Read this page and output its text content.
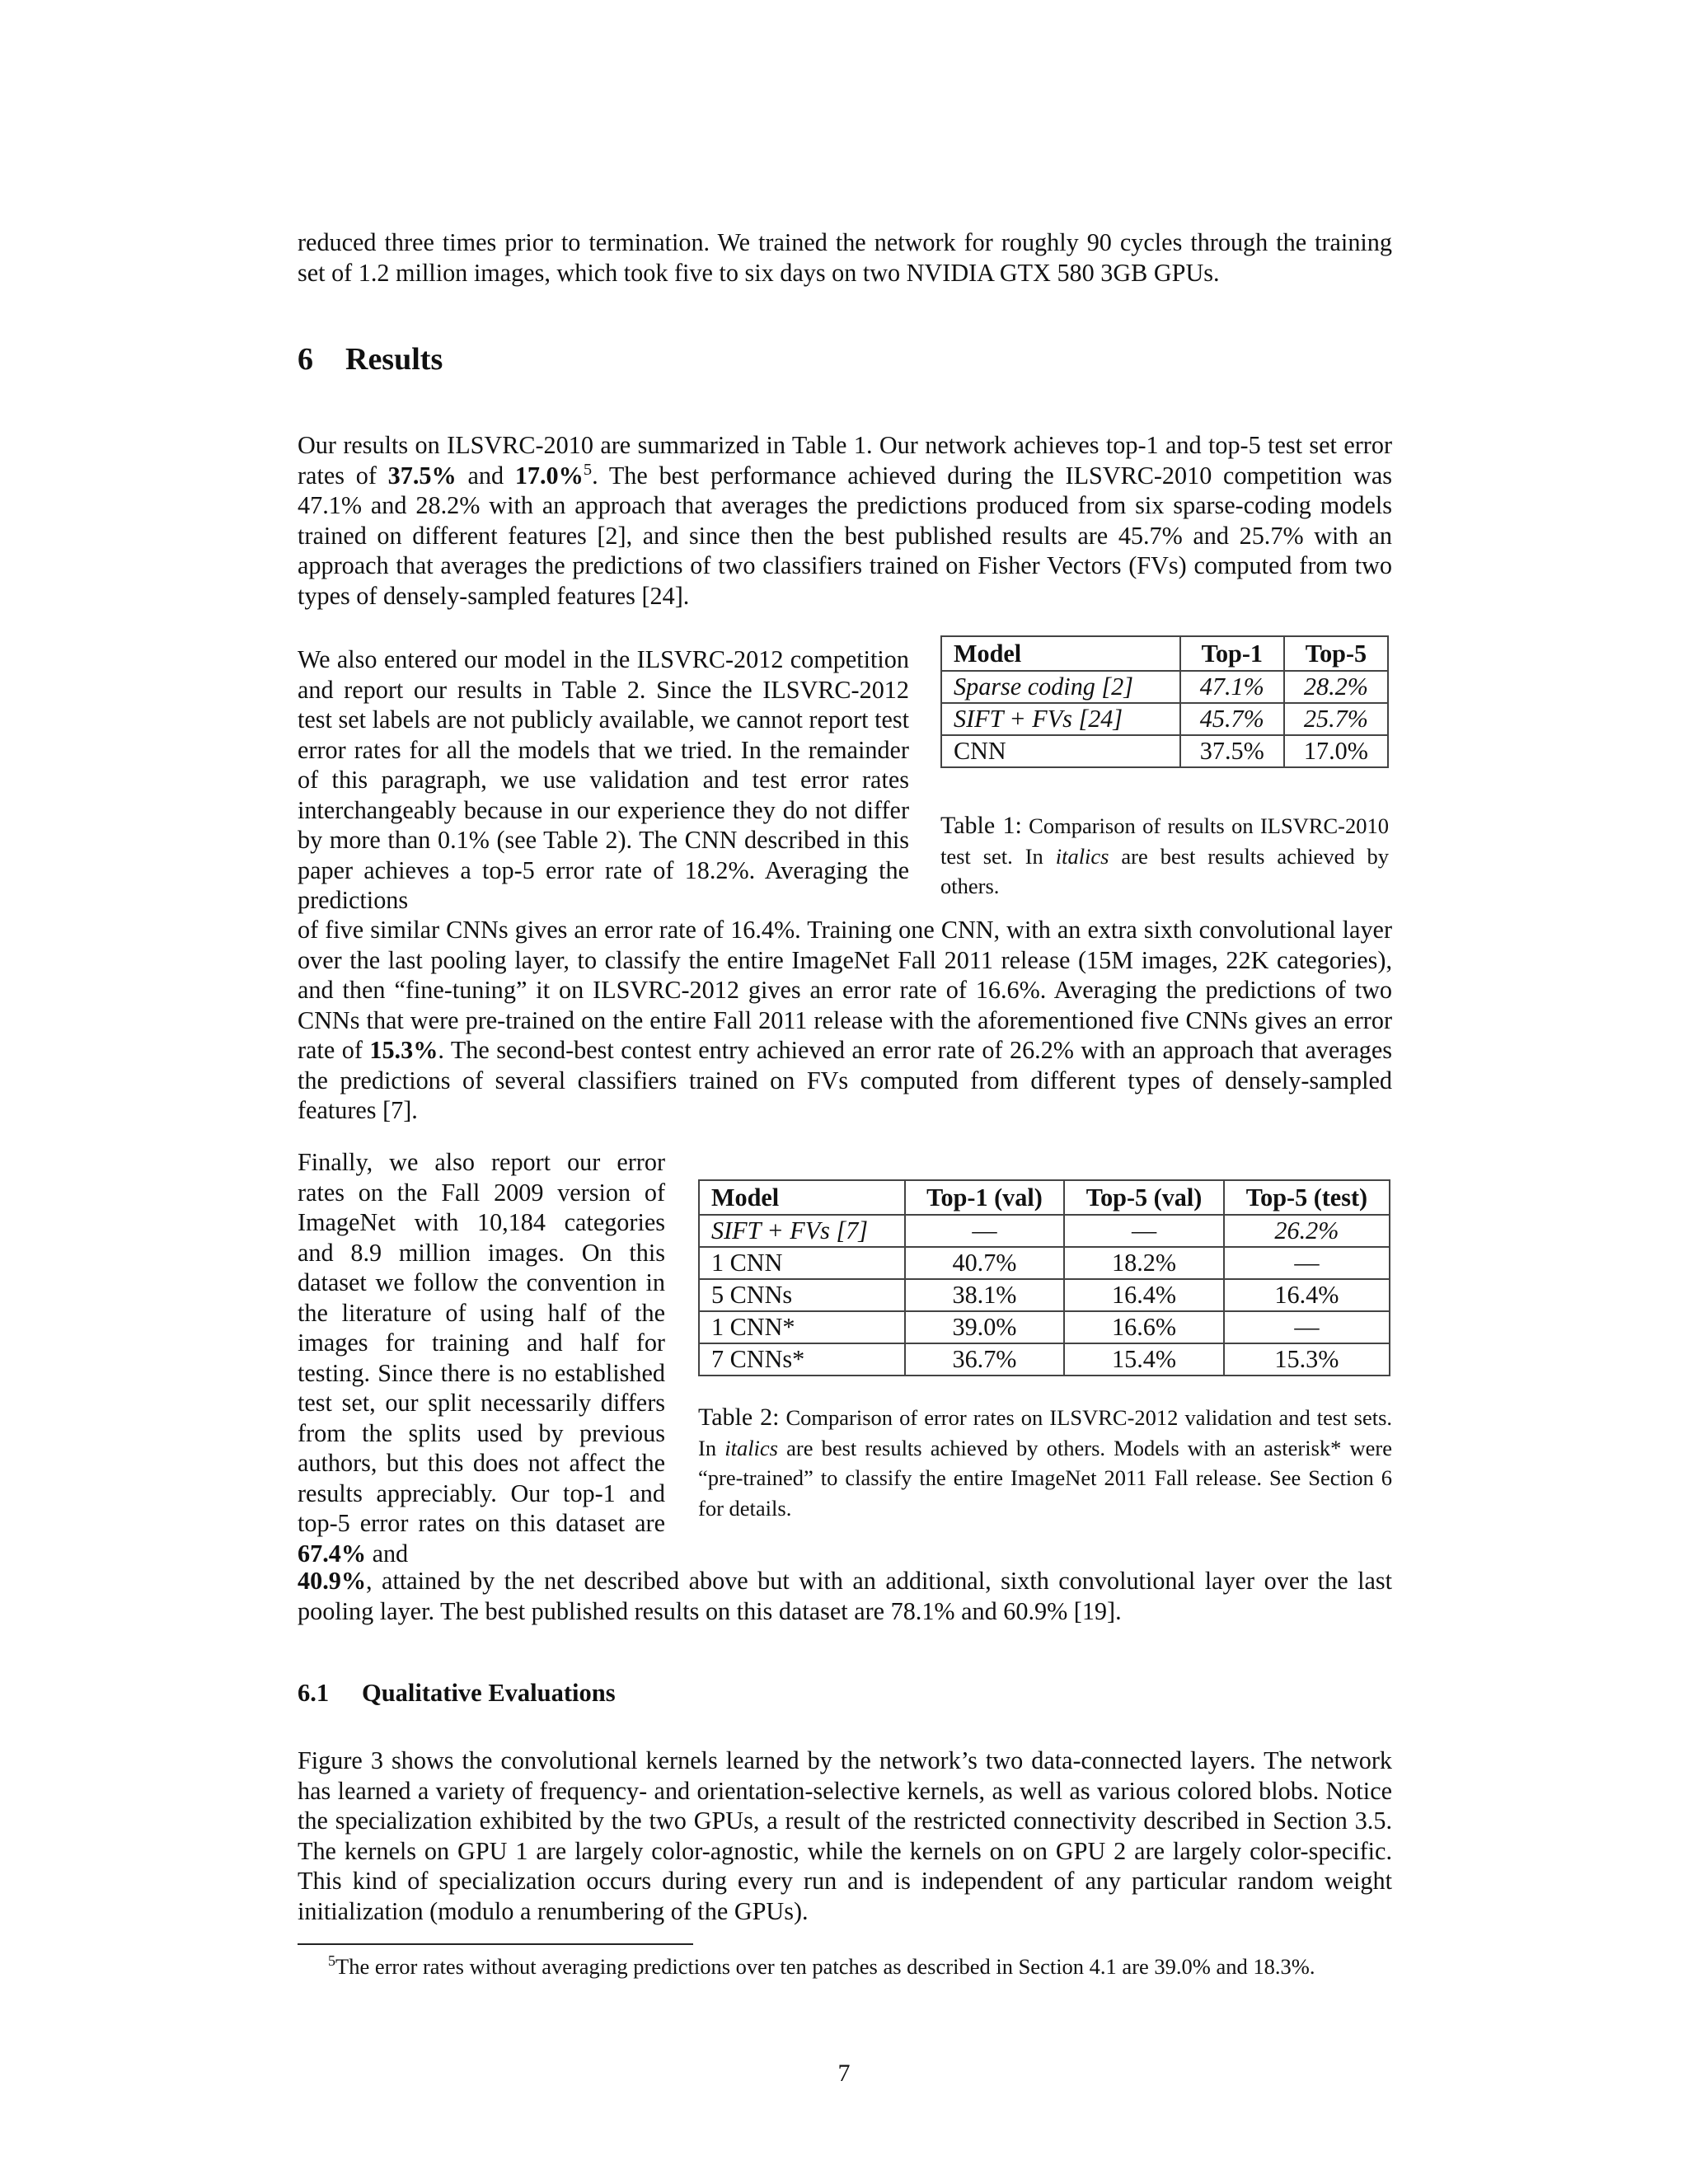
reduced three times prior to termination. We trained the network for roughly 90 cycles through the training set of 1.2 million images, which took five to six days on two NVIDIA GTX 580 3GB GPUs.

6 Results

Our results on ILSVRC-2010 are summarized in Table 1. Our network achieves top-1 and top-5 test set error rates of 37.5% and 17.0%$^5$. The best performance achieved during the ILSVRC-2010 competition was 47.1% and 28.2% with an approach that averages the predictions produced from six sparse-coding models trained on different features [2], and since then the best published results are 45.7% and 25.7% with an approach that averages the predictions of two classifiers trained on Fisher Vectors (FVs) computed from two types of densely-sampled features [24].

We also entered our model in the ILSVRC-2012 competition and report our results in Table 2. Since the ILSVRC-2012 test set labels are not publicly available, we cannot report test error rates for all the models that we tried. In the remainder of this paragraph, we use validation and test error rates interchangeably because in our experience they do not differ by more than 0.1% (see Table 2). The CNN described in this paper achieves a top-5 error rate of 18.2%. Averaging the predictions

Model	Top-1	Top-5
Sparse coding [2]	47.1%	28.2%
SIFT + FVs [24]	45.7%	25.7%
CNN	37.5%	17.0%

Table 1: Comparison of results on ILSVRC-2010 test set. In italics are best results achieved by others.

of five similar CNNs gives an error rate of 16.4%. Training one CNN, with an extra sixth convolutional layer over the last pooling layer, to classify the entire ImageNet Fall 2011 release (15M images, 22K categories), and then “fine-tuning” it on ILSVRC-2012 gives an error rate of 16.6%. Averaging the predictions of two CNNs that were pre-trained on the entire Fall 2011 release with the aforementioned five CNNs gives an error rate of 15.3%. The second-best contest entry achieved an error rate of 26.2% with an approach that averages the predictions of several classifiers trained on FVs computed from different types of densely-sampled features [7].

Finally, we also report our error rates on the Fall 2009 version of ImageNet with 10,184 categories and 8.9 million images. On this dataset we follow the convention in the literature of using half of the images for training and half for testing. Since there is no established test set, our split necessarily differs from the splits used by previous authors, but this does not affect the results appreciably. Our top-1 and top-5 error rates on this dataset are 67.4% and

Model	Top-1 (val)	Top-5 (val)	Top-5 (test)
SIFT + FVs [7]	—	—	26.2%
1 CNN	40.7%	18.2%	—
5 CNNs	38.1%	16.4%	16.4%
1 CNN*	39.0%	16.6%	—
7 CNNs*	36.7%	15.4%	15.3%

Table 2: Comparison of error rates on ILSVRC-2012 validation and test sets. In italics are best results achieved by others. Models with an asterisk* were “pre-trained” to classify the entire ImageNet 2011 Fall release. See Section 6 for details.

40.9%, attained by the net described above but with an additional, sixth convolutional layer over the last pooling layer. The best published results on this dataset are 78.1% and 60.9% [19].

6.1 Qualitative Evaluations

Figure 3 shows the convolutional kernels learned by the network’s two data-connected layers. The network has learned a variety of frequency- and orientation-selective kernels, as well as various colored blobs. Notice the specialization exhibited by the two GPUs, a result of the restricted connectivity described in Section 3.5. The kernels on GPU 1 are largely color-agnostic, while the kernels on on GPU 2 are largely color-specific. This kind of specialization occurs during every run and is independent of any particular random weight initialization (modulo a renumbering of the GPUs).

$^5$The error rates without averaging predictions over ten patches as described in Section 4.1 are 39.0% and 18.3%.

7
